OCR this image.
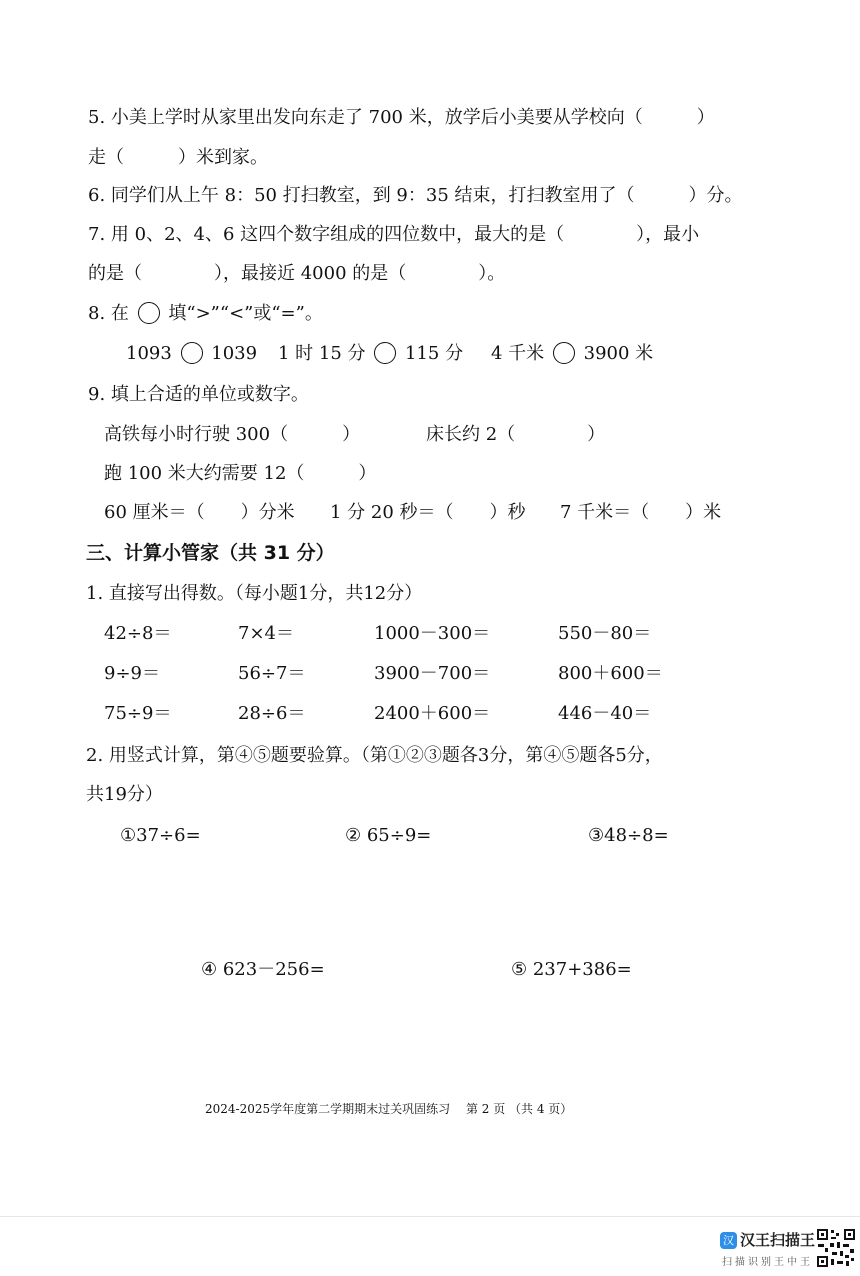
5. 小美上学时从家里出发向东走了 700 米，放学后小美要从学校向（　　　）
走（　　　）米到家。
6. 同学们从上午 8：50 打扫教室，到 9：35 结束，打扫教室用了（　　　）分。
7. 用 0、2、4、6 这四个数字组成的四位数中，最大的是（　　　　），最小
的是（　　　　），最接近 4000 的是（　　　　）。
8. 在 填“>”“<”或“=”。
1093 1039 1 时 15 分 115 分 4 千米 3900 米
9. 填上合适的单位或数字。
高铁每小时行驶 300（　　　）	床长约 2（　　　　）
跑 100 米大约需要 12（　　　）
60 厘米＝（　　）分米 1 分 20 秒＝（　　）秒 7 千米＝（　　）米
三、计算小管家（共 31 分）
1. 直接写出得数。（每小题1分，共12分）
42÷8＝	7×4＝	1000－300＝	550－80＝
9÷9＝	56÷7＝	3900－700＝	800＋600＝
75÷9＝	28÷6＝	2400＋600＝	446－40＝
2. 用竖式计算，第④⑤题要验算。（第①②③题各3分，第④⑤题各5分，
共19分）
①37÷6=	② 65÷9=	③48÷8=
④ 623－256=	⑤ 237+386=
2024-2025学年度第二学期期末过关巩固练习　 第 2 页 （共 4 页）
汉 汉王扫描王
扫描识别王中王
